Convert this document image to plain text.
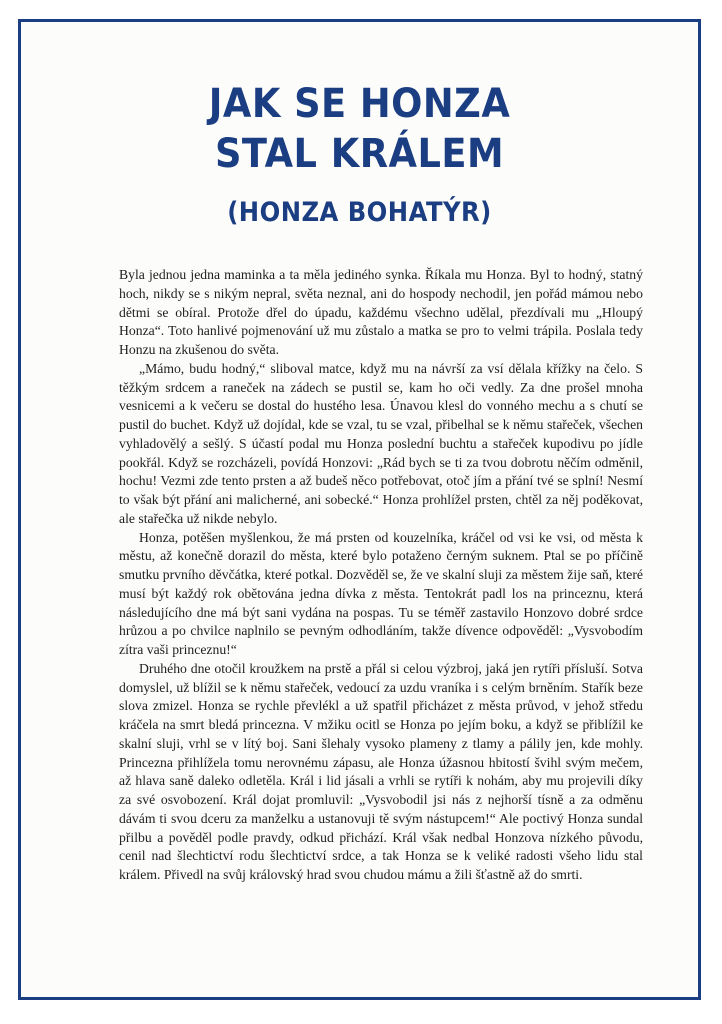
JAK SE HONZA
STAL KRÁLEM
(HONZA BOHATÝR)

Byla jednou jedna maminka a ta měla jediného synka. Říkala mu Honza. Byl to hodný, statný hoch, nikdy se s nikým nepral, světa neznal, ani do hospody nechodil, jen pořád mámou nebo dětmi se obíral. Protože dřel do úpadu, každému všechno udělal, přezdívali mu „Hloupý Honza“. Toto hanlivé pojmenování už mu zůstalo a matka se pro to velmi trápila. Poslala tedy Honzu na zkušenou do světa.

„Mámo, budu hodný,“ sliboval matce, když mu na návrší za vsí dělala křížky na čelo. S těžkým srdcem a raneček na zádech se pustil se, kam ho oči vedly. Za dne prošel mnoha vesnicemi a k večeru se dostal do hustého lesa. Únavou klesl do vonného mechu a s chutí se pustil do buchet. Když už dojídal, kde se vzal, tu se vzal, přibelhal se k němu stařeček, všechen vyhladovělý a sešlý. S účastí podal mu Honza poslední buchtu a stařeček kupodivu po jídle pookřál. Když se rozcházeli, povídá Honzovi: „Rád bych se ti za tvou dobrotu něčím odměnil, hochu! Vezmi zde tento prsten a až budeš něco potřebovat, otoč jím a přání tvé se splní! Nesmí to však být přání ani malicherné, ani sobecké.“ Honza prohlížel prsten, chtěl za něj poděkovat, ale stařečka už nikde nebylo.

Honza, potěšen myšlenkou, že má prsten od kouzelníka, kráčel od vsi ke vsi, od města k městu, až konečně dorazil do města, které bylo potaženo černým suknem. Ptal se po příčině smutku prvního děvčátka, které potkal. Dozvěděl se, že ve skalní sluji za městem žije saň, které musí být každý rok obětována jedna dívka z města. Tentokrát padl los na princeznu, která následujícího dne má být sani vydána na pospas. Tu se téměř zastavilo Honzovo dobré srdce hrůzou a po chvilce naplnilo se pevným odhodláním, takže dívence odpověděl: „Vysvobodím zítra vaši princeznu!“

Druhého dne otočil kroužkem na prstě a přál si celou výzbroj, jaká jen rytíři přísluší. Sotva domyslel, už blížil se k němu stařeček, vedoucí za uzdu vraníka i s celým brněním. Stařík beze slova zmizel. Honza se rychle převlékl a už spatřil přicházet z města průvod, v jehož středu kráčela na smrt bledá princezna. V mžiku ocitl se Honza po jejím boku, a když se přiblížil ke skalní sluji, vrhl se v lítý boj. Sani šlehaly vysoko plameny z tlamy a pálily jen, kde mohly. Princezna přihlížela tomu nerovnému zápasu, ale Honza úžasnou hbitostí švihl svým mečem, až hlava saně daleko odletěla. Král i lid jásali a vrhli se rytíři k nohám, aby mu projevili díky za své osvobození. Král dojat promluvil: „Vysvobodil jsi nás z nejhorší tísně a za odměnu dávám ti svou dceru za manželku a ustanovuji tě svým nástupcem!“ Ale poctivý Honza sundal přilbu a pověděl podle pravdy, odkud přichází. Král však nedbal Honzova nízkého původu, cenil nad šlechtictví rodu šlechtictví srdce, a tak Honza se k veliké radosti všeho lidu stal králem. Přivedl na svůj královský hrad svou chudou mámu a žili šťastně až do smrti.
